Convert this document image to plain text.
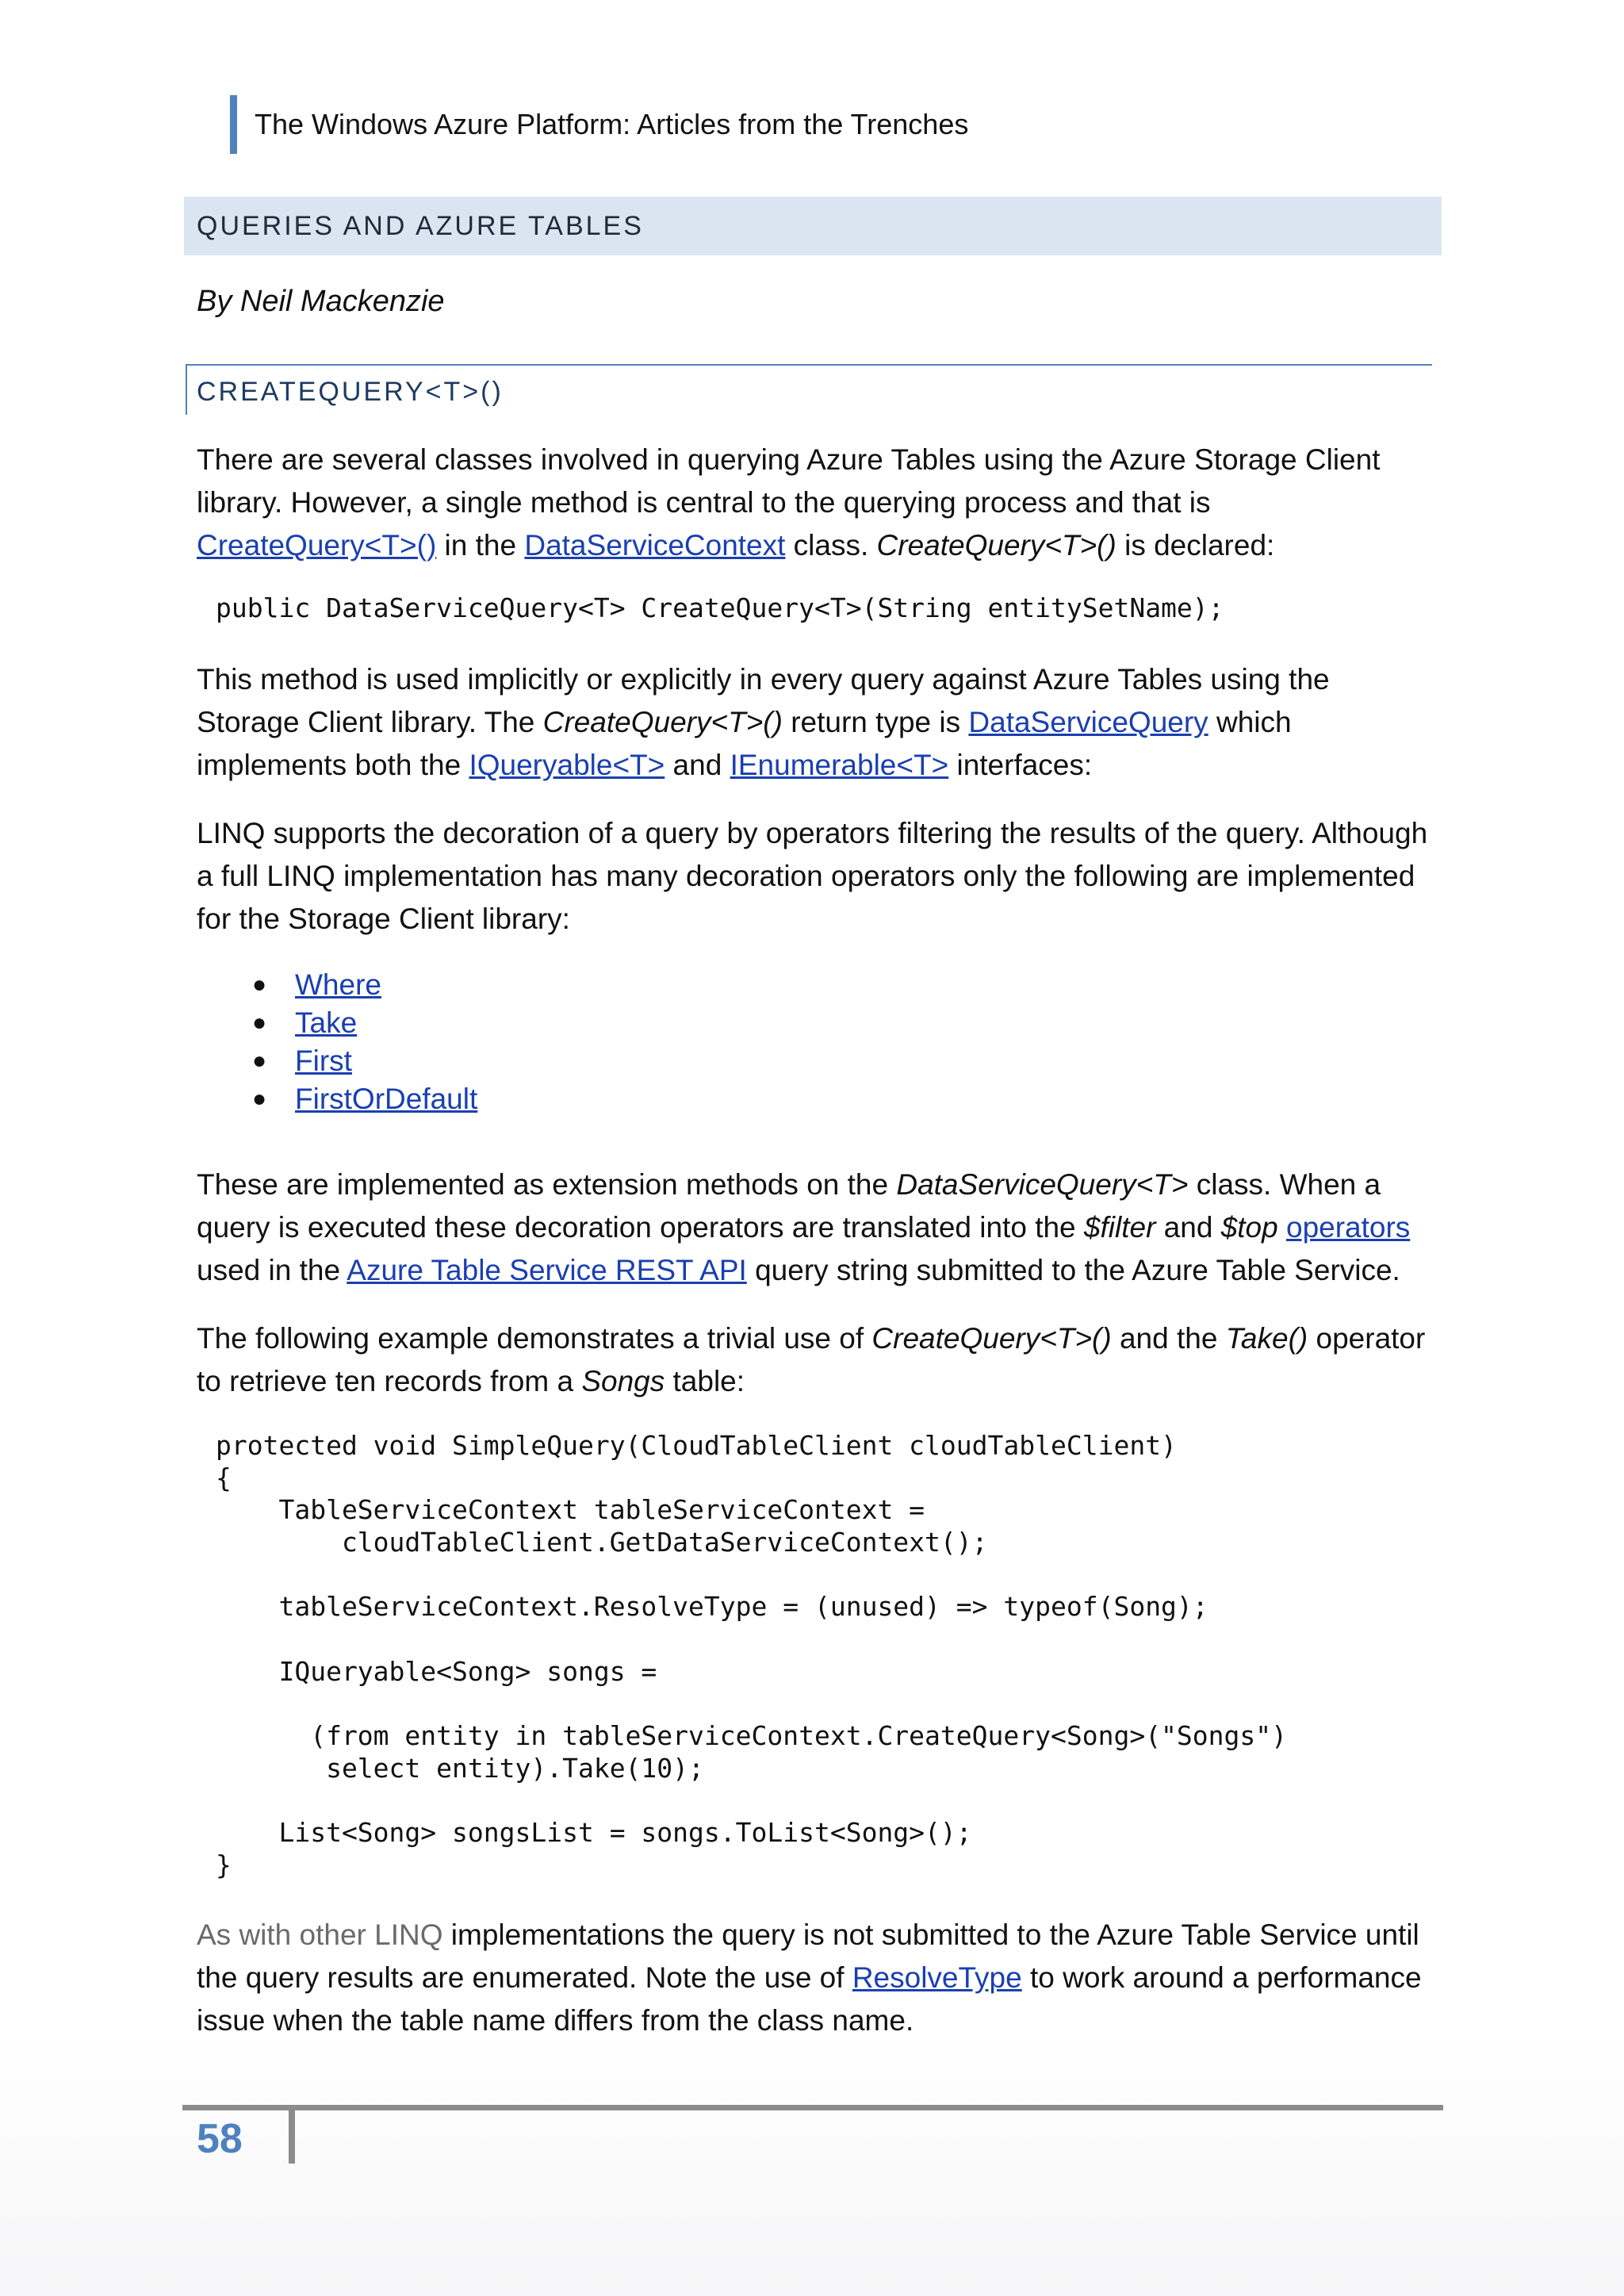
The Windows Azure Platform: Articles from the Trenches
QUERIES AND AZURE TABLES
By Neil Mackenzie
CREATEQUERY<T>()
There are several classes involved in querying Azure Tables using the Azure Storage Client library. However, a single method is central to the querying process and that is CreateQuery<T>() in the DataServiceContext class. CreateQuery<T>() is declared:
public DataServiceQuery<T> CreateQuery<T>(String entitySetName);
This method is used implicitly or explicitly in every query against Azure Tables using the Storage Client library. The CreateQuery<T>() return type is DataServiceQuery which implements both the IQueryable<T> and IEnumerable<T> interfaces:
LINQ supports the decoration of a query by operators filtering the results of the query. Although a full LINQ implementation has many decoration operators only the following are implemented for the Storage Client library:
● Where
● Take
● First
● FirstOrDefault
These are implemented as extension methods on the DataServiceQuery<T> class. When a query is executed these decoration operators are translated into the $filter and $top operators used in the Azure Table Service REST API query string submitted to the Azure Table Service.
The following example demonstrates a trivial use of CreateQuery<T>() and the Take() operator to retrieve ten records from a Songs table:
protected void SimpleQuery(CloudTableClient cloudTableClient)
{
TableServiceContext tableServiceContext =
cloudTableClient.GetDataServiceContext();
tableServiceContext.ResolveType = (unused) => typeof(Song);
IQueryable<Song> songs =
(from entity in tableServiceContext.CreateQuery<Song>("Songs")
select entity).Take(10);
List<Song> songsList = songs.ToList<Song>();
}
As with other LINQ implementations the query is not submitted to the Azure Table Service until the query results are enumerated. Note the use of ResolveType to work around a performance issue when the table name differs from the class name.
58
